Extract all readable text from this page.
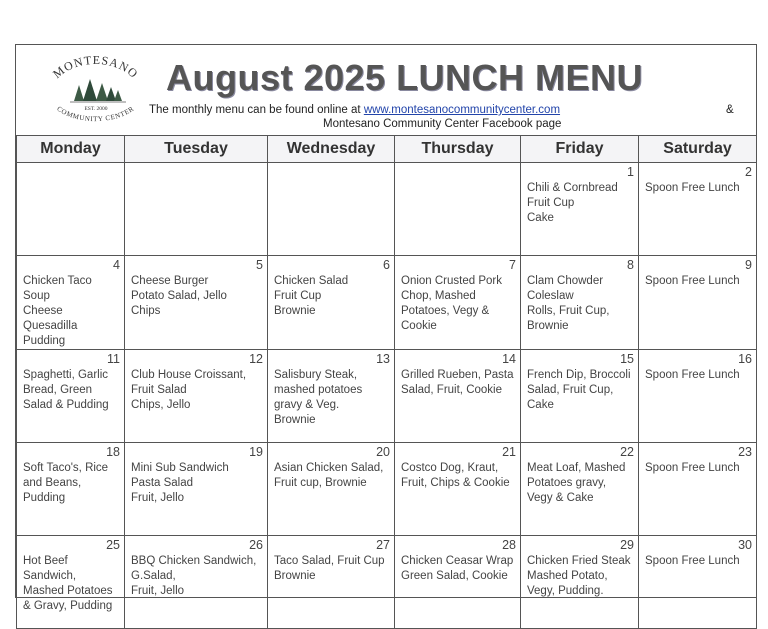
MONTESANO
EST. 2000
COMMUNITY CENTER
August 2025 LUNCH MENU
The monthly menu can be found online at www.montesanocommunitycenter.com	&
Montesano Community Center Facebook page
Monday	Tuesday	Wednesday	Thursday	Friday	Saturday

				1
Chili & Cornbread
Fruit Cup
Cake	2
Spoon Free Lunch

4
Chicken Taco Soup
Cheese Quesadilla
Pudding	5
Cheese Burger
Potato Salad, Jello
Chips	6
Chicken Salad
Fruit Cup
Brownie	7
Onion Crusted Pork
Chop, Mashed
Potatoes, Vegy &
Cookie	8
Clam Chowder
Coleslaw
Rolls, Fruit Cup,
Brownie	9
Spoon Free Lunch

11
Spaghetti, Garlic
Bread, Green
Salad & Pudding	12
Club House Croissant,
Fruit Salad
Chips, Jello	13
Salisbury Steak,
mashed potatoes
gravy & Veg.
Brownie	14
Grilled Rueben, Pasta
Salad, Fruit, Cookie	15
French Dip, Broccoli
Salad, Fruit Cup,
Cake	16
Spoon Free Lunch

18
Soft Taco's, Rice
and Beans,
Pudding	19
Mini Sub Sandwich
Pasta Salad
Fruit, Jello	20
Asian Chicken Salad,
Fruit cup, Brownie	21
Costco Dog, Kraut,
Fruit, Chips & Cookie	22
Meat Loaf, Mashed
Potatoes gravy,
Vegy & Cake	23
Spoon Free Lunch

25
Hot Beef
Sandwich,
Mashed Potatoes
& Gravy, Pudding	26
BBQ Chicken Sandwich,
G.Salad,
Fruit, Jello	27
Taco Salad, Fruit Cup
Brownie	28
Chicken Ceasar Wrap
Green Salad, Cookie	29
Chicken Fried Steak
Mashed Potato,
Vegy, Pudding.	30
Spoon Free Lunch
